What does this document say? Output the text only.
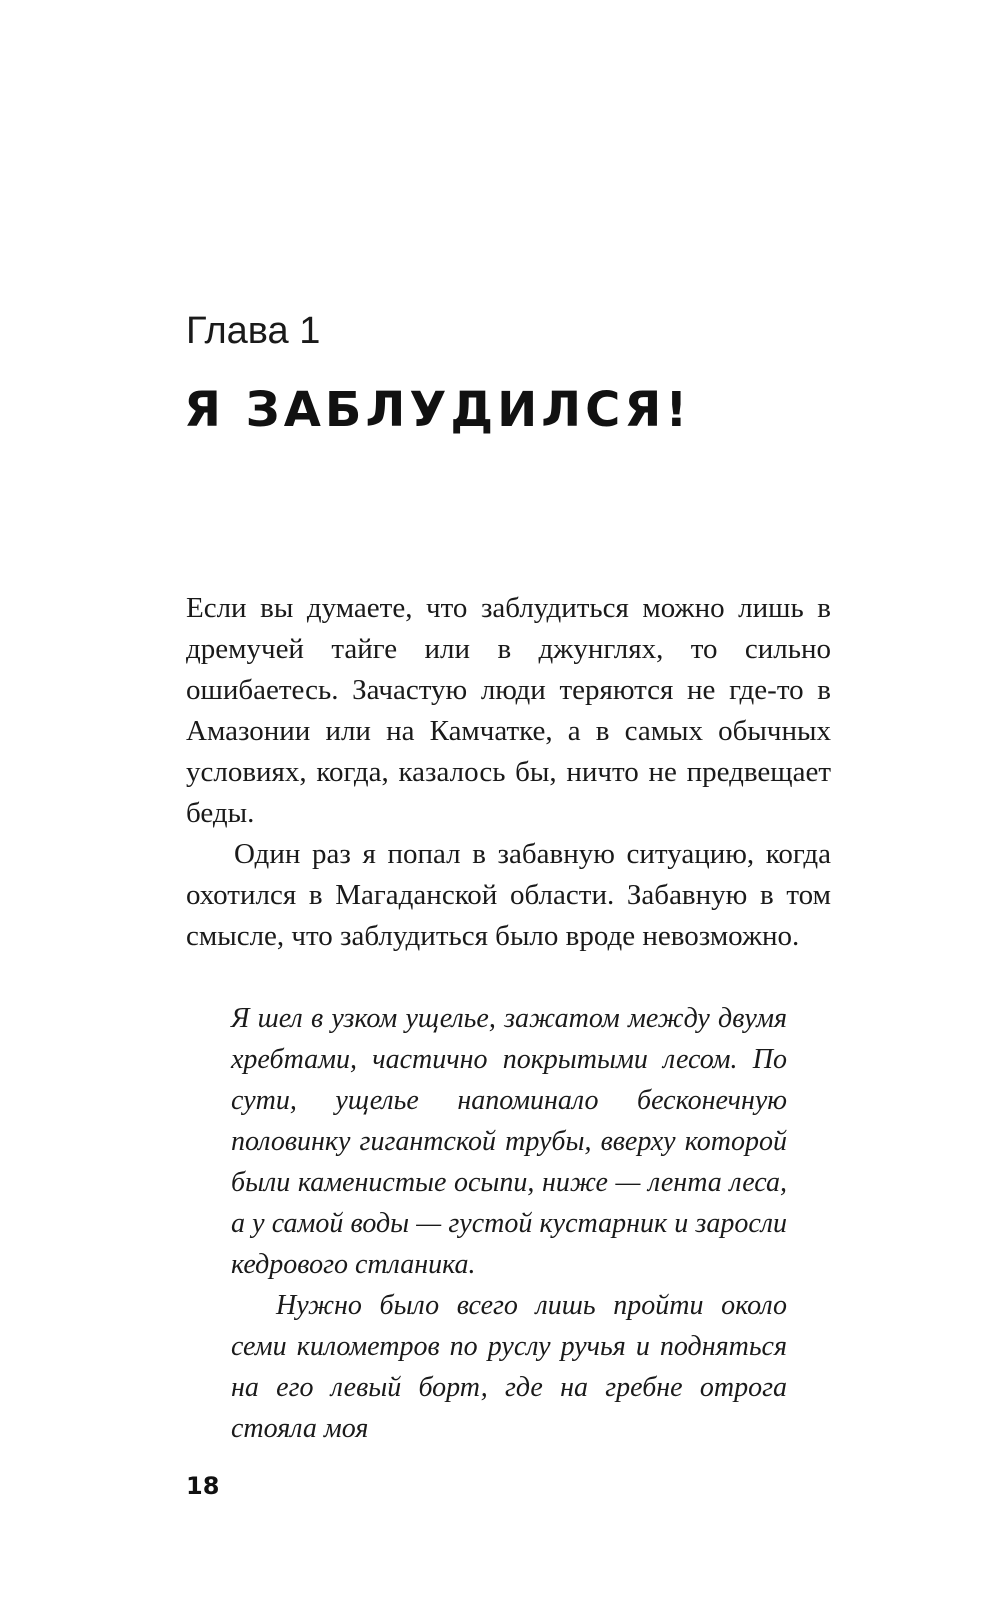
Глава 1
Я ЗАБЛУДИЛСЯ!

Если вы думаете, что заблудиться можно лишь в дремучей тайге или в джунглях, то сильно ошибаетесь. Зачастую люди теряются не где-то в Амазонии или на Камчатке, а в самых обычных условиях, когда, казалось бы, ничто не предвещает беды.

Один раз я попал в забавную ситуацию, когда охотился в Магаданской области. Забавную в том смысле, что заблудиться было вроде невозможно.

Я шел в узком ущелье, зажатом между двумя хребтами, частично покрытыми лесом. По сути, ущелье напоминало бесконечную половинку гигантской трубы, вверху которой были каменистые осыпи, ниже — лента леса, а у самой воды — густой кустарник и заросли кедрового стланика.

Нужно было всего лишь пройти около семи километров по руслу ручья и подняться на его левый борт, где на гребне отрога стояла моя

18
